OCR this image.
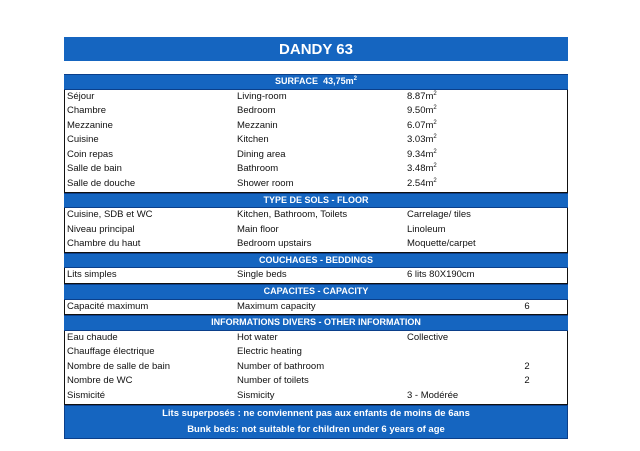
DANDY 63
SURFACE $43,75m^2$
Séjour	Living-room	$8.87m^2$
Chambre	Bedroom	$9.50m^2$
Mezzanine	Mezzanin	$6.07m^2$
Cuisine	Kitchen	$3.03m^2$
Coin repas	Dining area	$9.34m^2$
Salle de bain	Bathroom	$3.48m^2$
Salle de douche	Shower room	$2.54m^2$
TYPE DE SOLS - FLOOR
Cuisine, SDB et WC	Kitchen, Bathroom, Toilets	Carrelage/ tiles
Niveau principal	Main floor	Linoleum
Chambre du haut	Bedroom upstairs	Moquette/carpet
COUCHAGES - BEDDINGS
Lits simples	Single beds	6 lits 80X190cm
CAPACITES - CAPACITY
Capacité maximum	Maximum capacity	6
INFORMATIONS DIVERS - OTHER INFORMATION
Eau chaude	Hot water	Collective
Chauffage électrique	Electric heating
Nombre de salle de bain	Number of bathroom	2
Nombre de WC	Number of toilets	2
Sismicité	Sismicity	3 - Modérée
Lits superposés : ne conviennent pas aux enfants de moins de 6ans
Bunk beds: not suitable for children under 6 years of age
